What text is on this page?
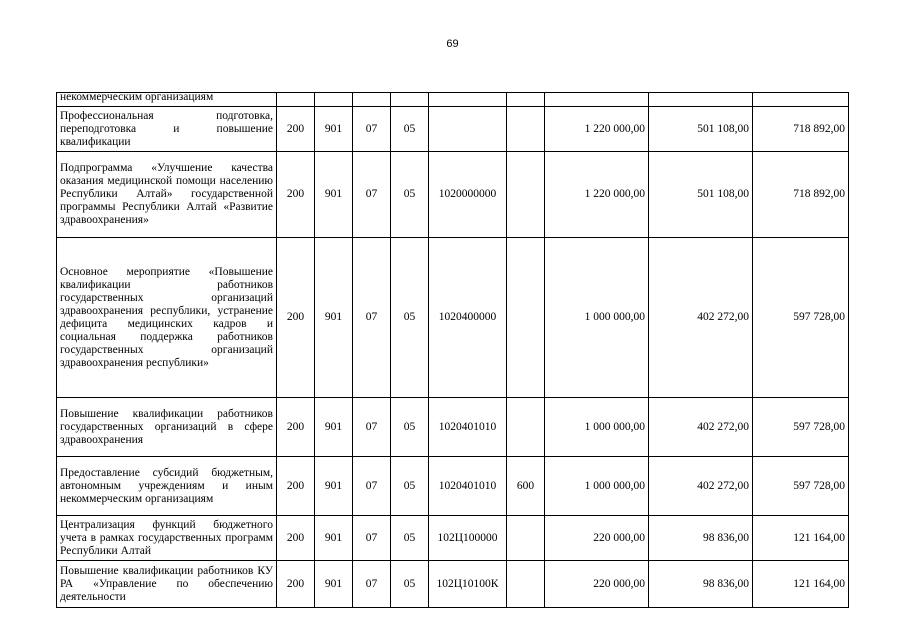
69
некоммерческим организациям									

Профессиональная подготовка, переподготовка и повышение квалификации	200	901	07	05			1 220 000,00	501 108,00	718 892,00
Подпрограмма «Улучшение качества оказания медицинской помощи населению Республики Алтай» государственной программы Республики Алтай «Развитие здравоохранения»	200	901	07	05	1020000000		1 220 000,00	501 108,00	718 892,00
Основное мероприятие «Повышение квалификации работников государственных организаций здравоохранения республики, устранение дефицита медицинских кадров и социальная поддержка работников государственных организаций здравоохранения республики»	200	901	07	05	1020400000		1 000 000,00	402 272,00	597 728,00
Повышение квалификации работников государственных организаций в сфере здравоохранения	200	901	07	05	1020401010		1 000 000,00	402 272,00	597 728,00
Предоставление субсидий бюджетным, автономным учреждениям и иным некоммерческим организациям	200	901	07	05	1020401010	600	1 000 000,00	402 272,00	597 728,00
Централизация функций бюджетного учета в рамках государственных программ Республики Алтай	200	901	07	05	102Ц100000		220 000,00	98 836,00	121 164,00
Повышение квалификации работников КУ РА «Управление по обеспечению деятельности	200	901	07	05	102Ц10100К		220 000,00	98 836,00	121 164,00
